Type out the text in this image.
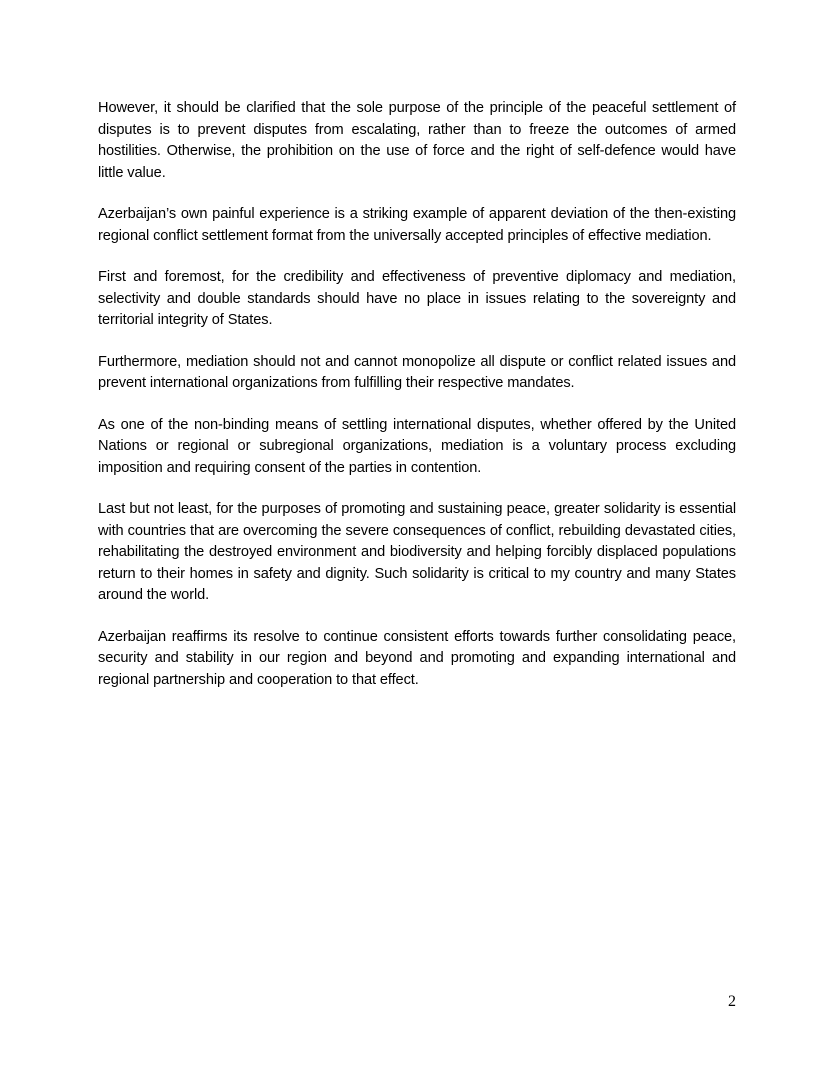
However, it should be clarified that the sole purpose of the principle of the peaceful settlement of disputes is to prevent disputes from escalating, rather than to freeze the outcomes of armed hostilities. Otherwise, the prohibition on the use of force and the right of self-defence would have little value.

Azerbaijan’s own painful experience is a striking example of apparent deviation of the then-existing regional conflict settlement format from the universally accepted principles of effective mediation.

First and foremost, for the credibility and effectiveness of preventive diplomacy and mediation, selectivity and double standards should have no place in issues relating to the sovereignty and territorial integrity of States.

Furthermore, mediation should not and cannot monopolize all dispute or conflict related issues and prevent international organizations from fulfilling their respective mandates.

As one of the non-binding means of settling international disputes, whether offered by the United Nations or regional or subregional organizations, mediation is a voluntary process excluding imposition and requiring consent of the parties in contention.

Last but not least, for the purposes of promoting and sustaining peace, greater solidarity is essential with countries that are overcoming the severe consequences of conflict, rebuilding devastated cities, rehabilitating the destroyed environment and biodiversity and helping forcibly displaced populations return to their homes in safety and dignity. Such solidarity is critical to my country and many States around the world.

Azerbaijan reaffirms its resolve to continue consistent efforts towards further consolidating peace, security and stability in our region and beyond and promoting and expanding international and regional partnership and cooperation to that effect.

2
